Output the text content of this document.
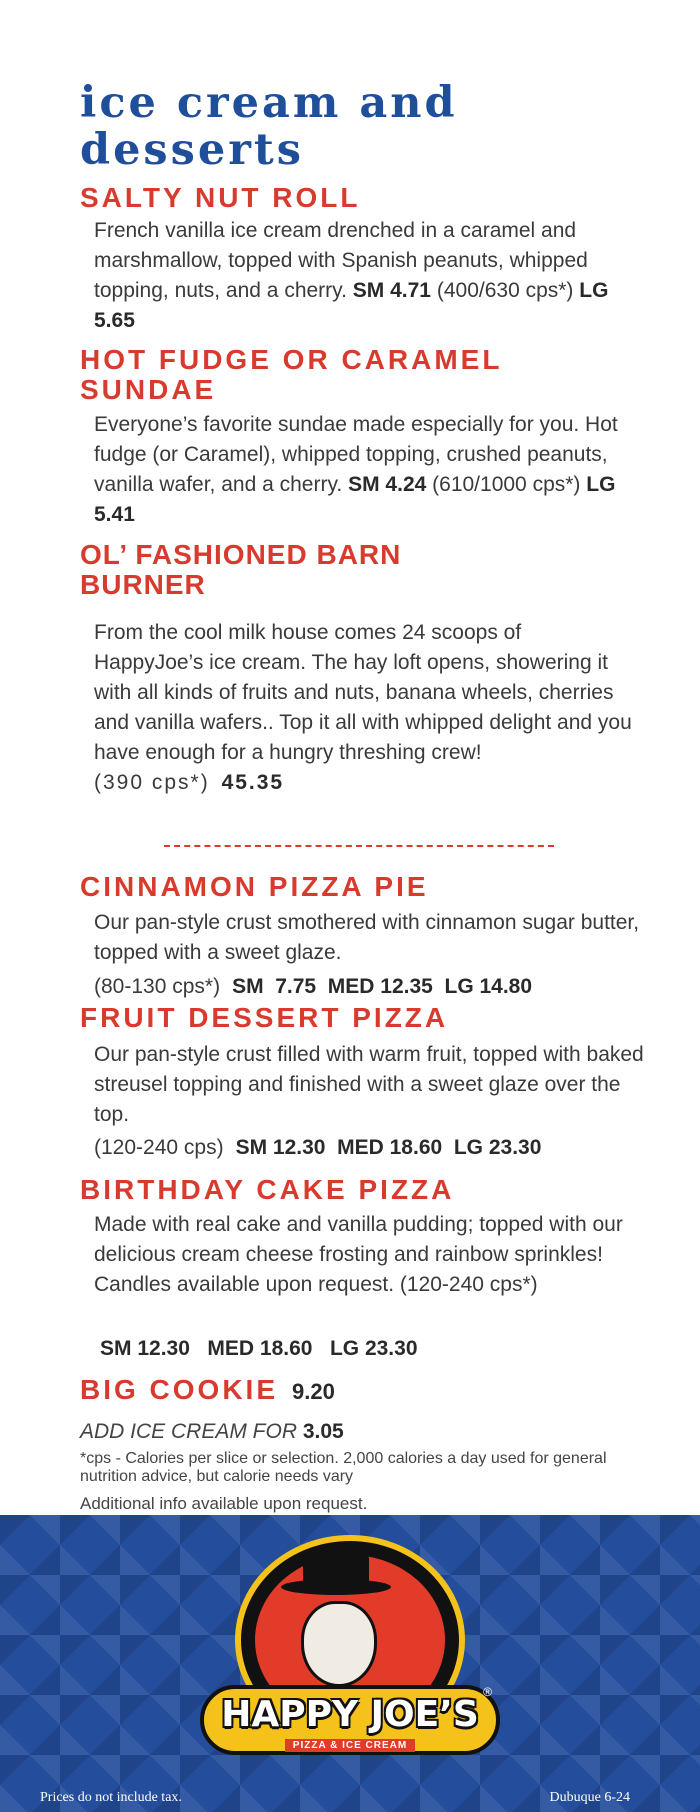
ice cream and desserts
SALTY NUT ROLL
French vanilla ice cream drenched in a caramel and marshmallow, topped with Spanish peanuts, whipped topping, nuts, and a cherry. SM 4.71 (400/630 cps*) LG 5.65
HOT FUDGE OR CARAMEL SUNDAE
Everyone’s favorite sundae made especially for you. Hot fudge (or Caramel), whipped topping, crushed peanuts, vanilla wafer, and a cherry. SM 4.24 (610/1000 cps*) LG 5.41
OL’ FASHIONED BARN BURNER
From the cool milk house comes 24 scoops of HappyJoe’s ice cream. The hay loft opens, showering it with all kinds of fruits and nuts, banana wheels, cherries and vanilla wafers.. Top it all with whipped delight and you have enough for a hungry threshing crew!
(390 cps*) 45.35
CINNAMON PIZZA PIE
Our pan-style crust smothered with cinnamon sugar butter, topped with a sweet glaze.
(80-130 cps*) SM  7.75  MED 12.35  LG 14.80
FRUIT DESSERT PIZZA
Our pan-style crust filled with warm fruit, topped with baked streusel topping and finished with a sweet glaze over the top.
(120-240 cps) SM 12.30  MED 18.60  LG 23.30
BIRTHDAY CAKE PIZZA
Made with real cake and vanilla pudding; topped with our delicious cream cheese frosting and rainbow sprinkles! Candles available upon request. (120-240 cps*)
SM 12.30   MED 18.60   LG 23.30
BIG COOKIE 9.20
ADD ICE CREAM FOR 3.05
*cps - Calories per slice or selection. 2,000 calories a day used for general nutrition advice, but calorie needs vary
Additional info available upon request.
HAPPY JOE’S
PIZZA & ICE CREAM
®
Prices do not include tax.	Dubuque 6-24
